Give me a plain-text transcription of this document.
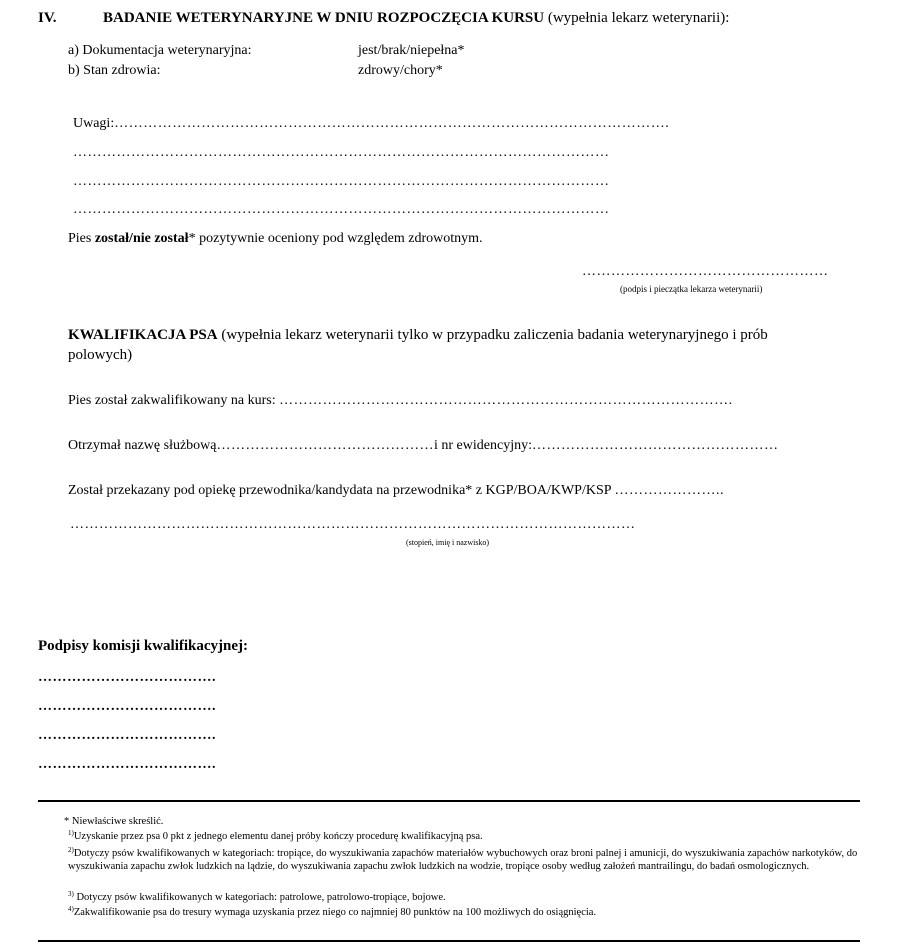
IV.	BADANIE WETERYNARYJNE W DNIU ROZPOCZĘCIA KURSU (wypełnia lekarz weterynarii):
a) Dokumentacja weterynaryjna:	jest/brak/niepełna*
b) Stan zdrowia:	zdrowy/chory*
Uwagi:…………………………………………………………………………………………………….
…………………………………………………………………………………………………
…………………………………………………………………………………………………
…………………………………………………………………………………………………
Pies został/nie został* pozytywnie oceniony pod względem zdrowotnym.
……………………………………………
(podpis i pieczątka lekarza weterynarii)
KWALIFIKACJA PSA (wypełnia lekarz weterynarii tylko w przypadku zaliczenia badania weterynaryjnego i prób
polowych)
Pies został zakwalifikowany na kurs: ………………………………………………………………………………….
Otrzymał nazwę służbową………………………………………i nr ewidencyjny:……………………………………………
Został przekazany pod opiekę przewodnika/kandydata na przewodnika* z KGP/BOA/KWP/KSP …………………..
………………………………………………………………………………………………………
(stopień, imię i nazwisko)
Podpisy komisji kwalifikacyjnej:
……………………………….
……………………………….
……………………………….
……………………………….
* Niewłaściwe skreślić.
$^{1)}$Uzyskanie przez psa 0 pkt z jednego elementu danej próby kończy procedurę kwalifikacyjną psa.
$^{2)}$Dotyczy psów kwalifikowanych w kategoriach: tropiące, do wyszukiwania zapachów materiałów wybuchowych oraz broni palnej i amunicji, do wyszukiwania zapachów narkotyków, do wyszukiwania zapachu zwłok ludzkich na lądzie, do wyszukiwania zapachu zwłok ludzkich na wodzie, tropiące osoby według założeń mantrailingu, do badań osmologicznych.
$^{3)}$ Dotyczy psów kwalifikowanych w kategoriach: patrolowe, patrolowo-tropiące, bojowe.
$^{4)}$Zakwalifikowanie psa do tresury wymaga uzyskania przez niego co najmniej 80 punktów na 100 możliwych do osiągnięcia.
